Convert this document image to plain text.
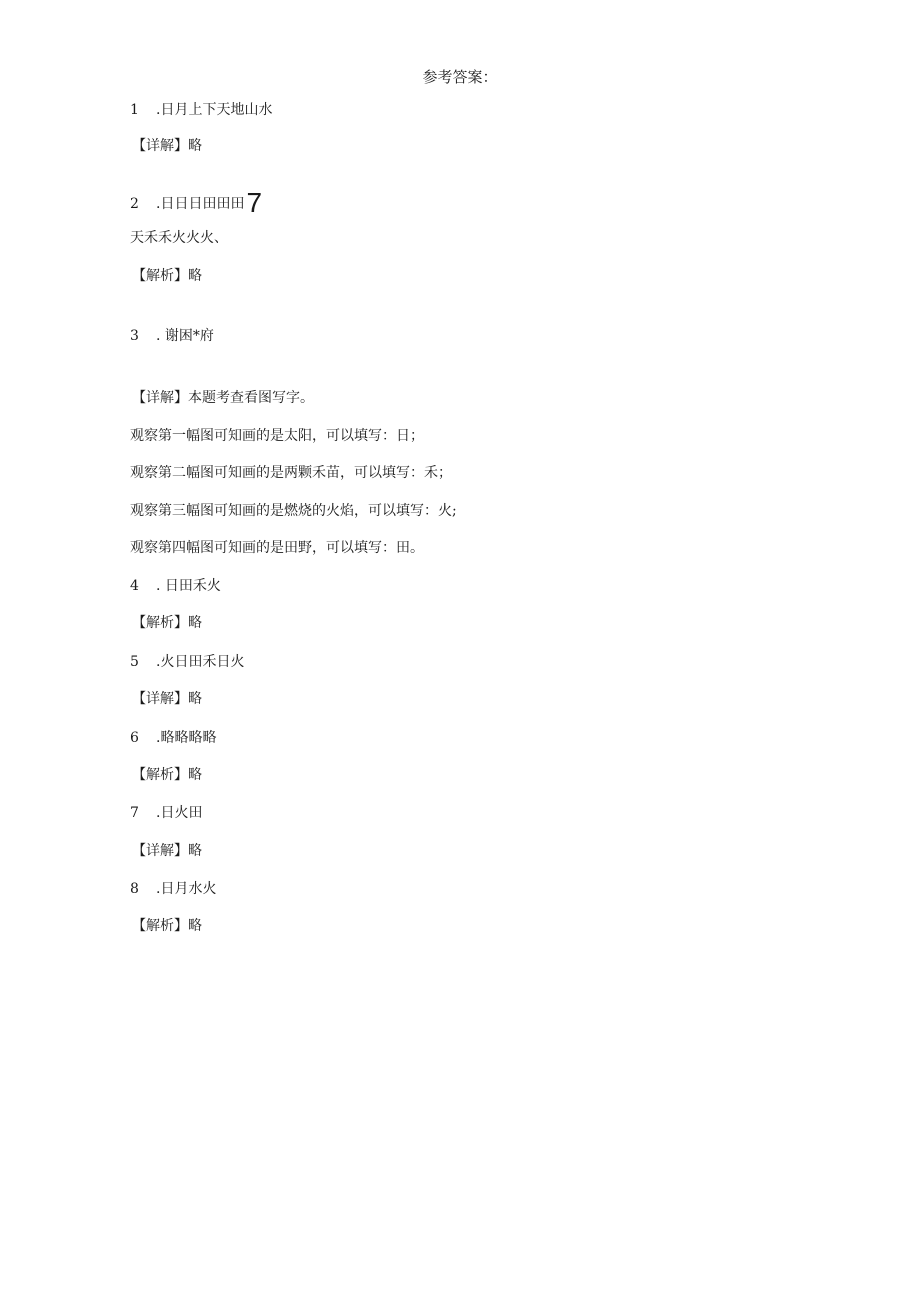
参考答案：
1 .日月上下天地山水
【详解】略
2 .日日日田田田7
天禾禾火火火、
【解析】略
3 . 谢困*府
【详解】本题考查看图写字。
观察第一幅图可知画的是太阳，可以填写：日；
观察第二幅图可知画的是两颗禾苗，可以填写：禾；
观察第三幅图可知画的是燃烧的火焰，可以填写：火;
观察第四幅图可知画的是田野，可以填写：田。
4 . 日田禾火
【解析】略
5 .火日田禾日火
【详解】略
6 .略略略略
【解析】略
7 .日火田
【详解】略
8 .日月水火
【解析】略
